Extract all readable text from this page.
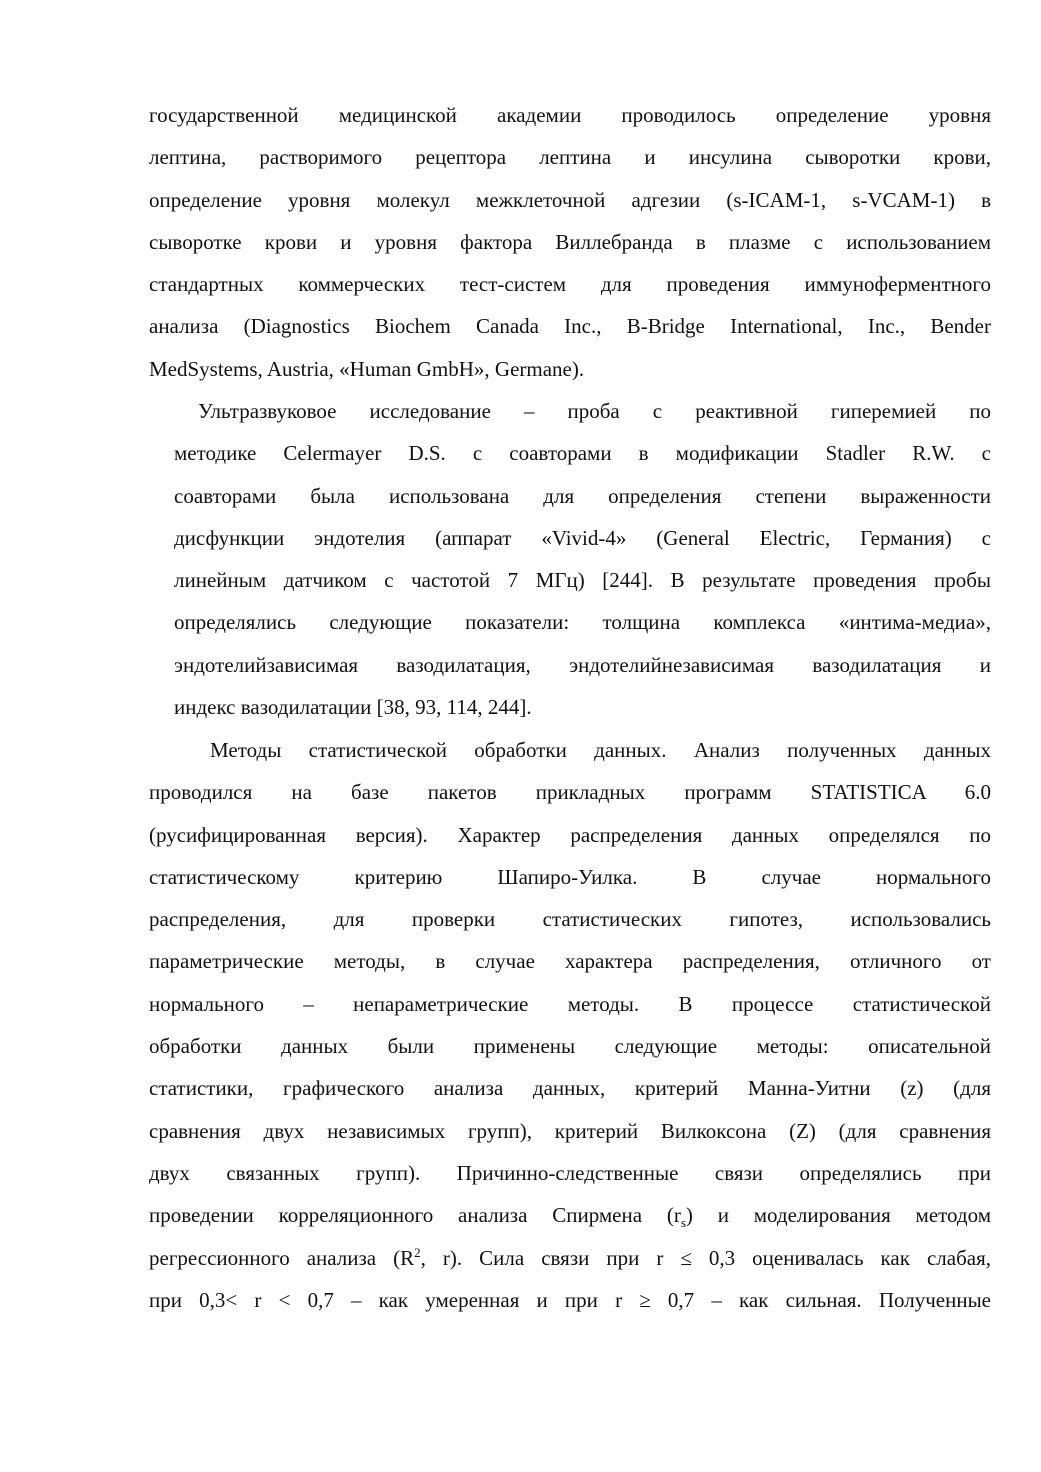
государственной медицинской академии проводилось определение уровня
лептина, растворимого рецептора лептина и инсулина сыворотки крови,
определение уровня молекул межклеточной адгезии (s-ICAM-1, s-VCAM-1) в
сыворотке крови и уровня фактора Виллебранда в плазме с использованием
стандартных коммерческих тест-систем для проведения иммуноферментного
анализа (Diagnostics Biochem Canada Inc., B-Bridge International, Inc., Bender
MedSystems, Austria, «Human GmbH», Germane).
Ультразвуковое исследование – проба с реактивной гиперемией по
методике Celermayer D.S. с соавторами в модификации Stadler R.W. с
соавторами была использована для определения степени выраженности
дисфункции эндотелия (аппарат «Vivid-4» (General Electric, Германия) с
линейным датчиком с частотой 7 МГц) [244]. В результате проведения пробы
определялись следующие показатели: толщина комплекса «интима-медиа»,
эндотелийзависимая вазодилатация, эндотелийнезависимая вазодилатация и
индекс вазодилатации [38, 93, 114, 244].
Методы статистической обработки данных. Анализ полученных данных
проводился на базе пакетов прикладных программ STATISTICA 6.0
(русифицированная версия). Характер распределения данных определялся по
статистическому критерию Шапиро-Уилка. В случае нормального
распределения, для проверки статистических гипотез, использовались
параметрические методы, в случае характера распределения, отличного от
нормального – непараметрические методы. В процессе статистической
обработки данных были применены следующие методы: описательной
статистики, графического анализа данных, критерий Манна-Уитни (z) (для
сравнения двух независимых групп), критерий Вилкоксона (Z) (для сравнения
двух связанных групп). Причинно-следственные связи определялись при
проведении корреляционного анализа Спирмена $(r_s)$ и моделирования методом
регрессионного анализа ($R^2$, r). Сила связи при r ≤ 0,3 оценивалась как слабая,
при 0,3< r < 0,7 – как умеренная и при r ≥ 0,7 – как сильная. Полученные
